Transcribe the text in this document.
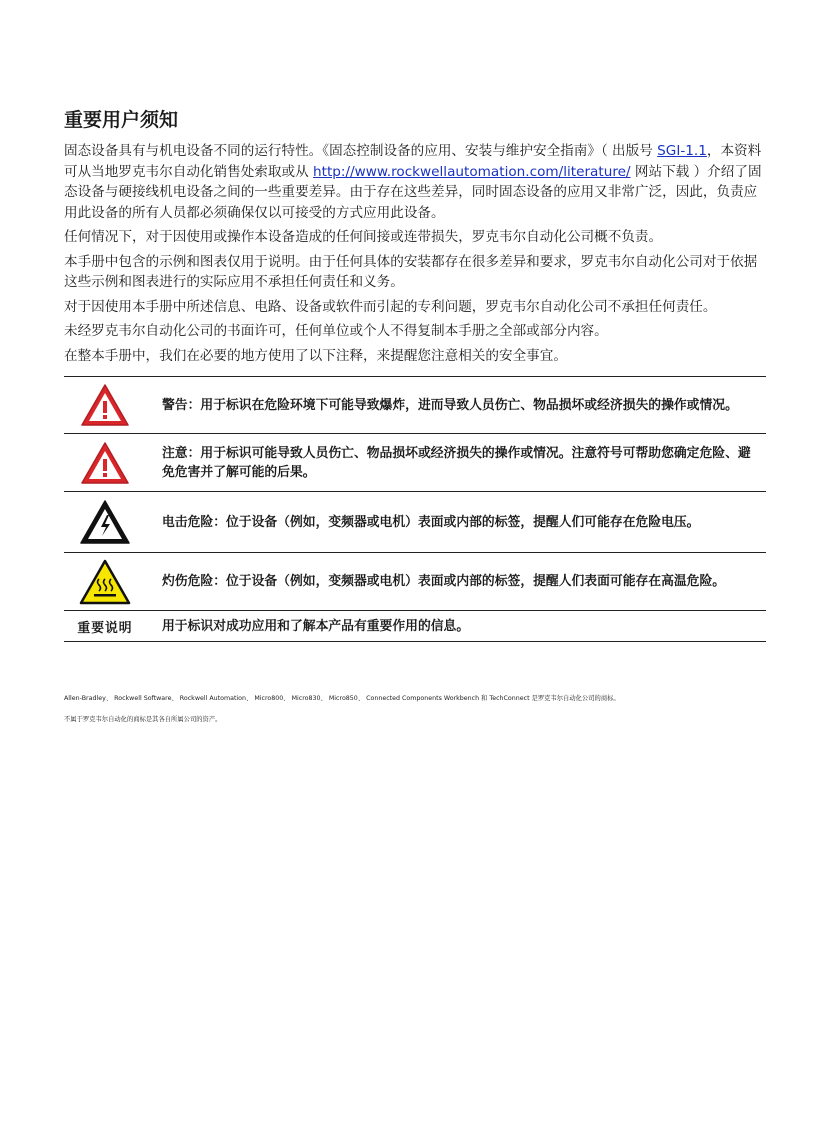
重要用户须知

固态设备具有与机电设备不同的运行特性。《固态控制设备的应用、安装与维护安全指南》（ 出版号 SGI-1.1，本资料可从当地罗克韦尔自动化销售处索取或从 http://www.rockwellautomation.com/literature/ 网站下载 ）介绍了固态设备与硬接线机电设备之间的一些重要差异。由于存在这些差异，同时固态设备的应用又非常广泛，因此，负责应用此设备的所有人员都必须确保仅以可接受的方式应用此设备。

任何情况下，对于因使用或操作本设备造成的任何间接或连带损失，罗克韦尔自动化公司概不负责。

本手册中包含的示例和图表仅用于说明。由于任何具体的安装都存在很多差异和要求，罗克韦尔自动化公司对于依据这些示例和图表进行的实际应用不承担任何责任和义务。

对于因使用本手册中所述信息、电路、设备或软件而引起的专利问题，罗克韦尔自动化公司不承担任何责任。

未经罗克韦尔自动化公司的书面许可，任何单位或个人不得复制本手册之全部或部分内容。

在整本手册中，我们在必要的地方使用了以下注释，来提醒您注意相关的安全事宜。

	警告：用于标识在危险环境下可能导致爆炸，进而导致人员伤亡、物品损坏或经济损失的操作或情况。

	注意：用于标识可能导致人员伤亡、物品损坏或经济损失的操作或情况。注意符号可帮助您确定危险、避免危害并了解可能的后果。

	电击危险：位于设备（例如，变频器或电机）表面或内部的标签，提醒人们可能存在危险电压。

	灼伤危险：位于设备（例如，变频器或电机）表面或内部的标签，提醒人们表面可能存在高温危险。
重要说明	用于标识对成功应用和了解本产品有重要作用的信息。

Allen-Bradley、 Rockwell Software、 Rockwell Automation、 Micro800、 Micro830、 Micro850、 Connected Components Workbench 和 TechConnect 是罗克韦尔自动化公司的商标。

不属于罗克韦尔自动化的商标是其各自所属公司的资产。
